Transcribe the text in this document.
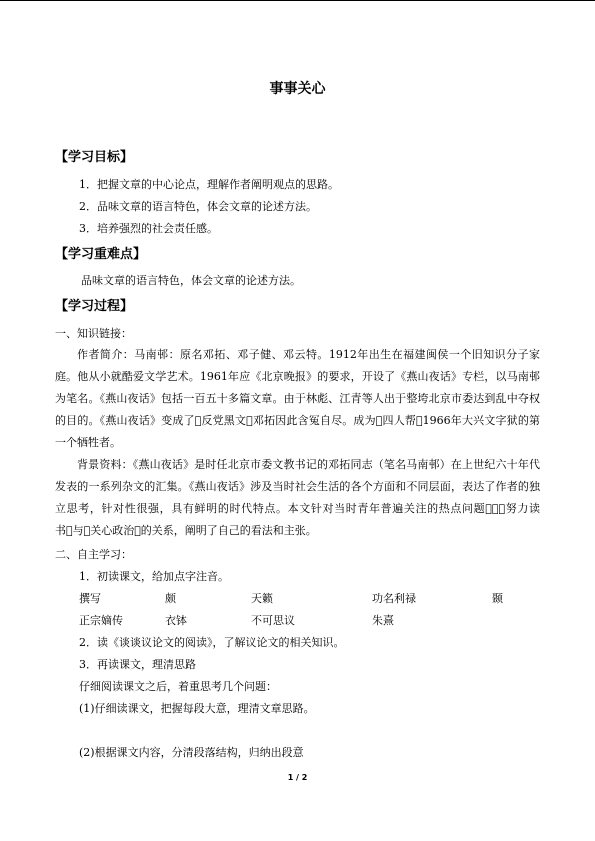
事事关心
【学习目标】
1．把握文章的中心论点，理解作者阐明观点的思路。
2．品味文章的语言特色，体会文章的论述方法。
3．培养强烈的社会责任感。
【学习重难点】
品味文章的语言特色，体会文章的论述方法。
【学习过程】
一、知识链接：
作者简介：马南邨：原名邓拓、邓子健、邓云特。1912年出生在福建闽侯一个旧知识分子家庭。他从小就酷爱文学艺术。1961年应《北京晚报》的要求，开设了《燕山夜话》专栏，以马南邨为笔名。《燕山夜话》包括一百五十多篇文章。由于林彪、江青等人出于整垮北京市委达到乱中夺权的目的。《燕山夜话》变成了 反党黑文 邓拓因此含冤自尽。成为 四人帮 1966年大兴文字狱的第一个牺牲者。
背景资料：《燕山夜话》是时任北京市委文教书记的邓拓同志（笔名马南邨）在上世纪六十年代发表的一系列杂文的汇集。《燕山夜话》涉及当时社会生活的各个方面和不同层面，表达了作者的独立思考，针对性很强，具有鲜明的时代特点。本文针对当时青年普遍关注的热点问题   努力读书 与 关心政治 的关系，阐明了自己的看法和主张。
二、自主学习：
1．初读课文，给加点字注音。
撰写	颇	天籁	功名利禄	颞
正宗嫡传	衣钵	不可思议	朱熹
2．读《谈谈议论文的阅读》，了解议论文的相关知识。
3．再读课文，理清思路
仔细阅读课文之后，着重思考几个问题：
(1)仔细读课文，把握每段大意，理清文章思路。
(2)根据课文内容，分清段落结构，归纳出段意
1 / 2
